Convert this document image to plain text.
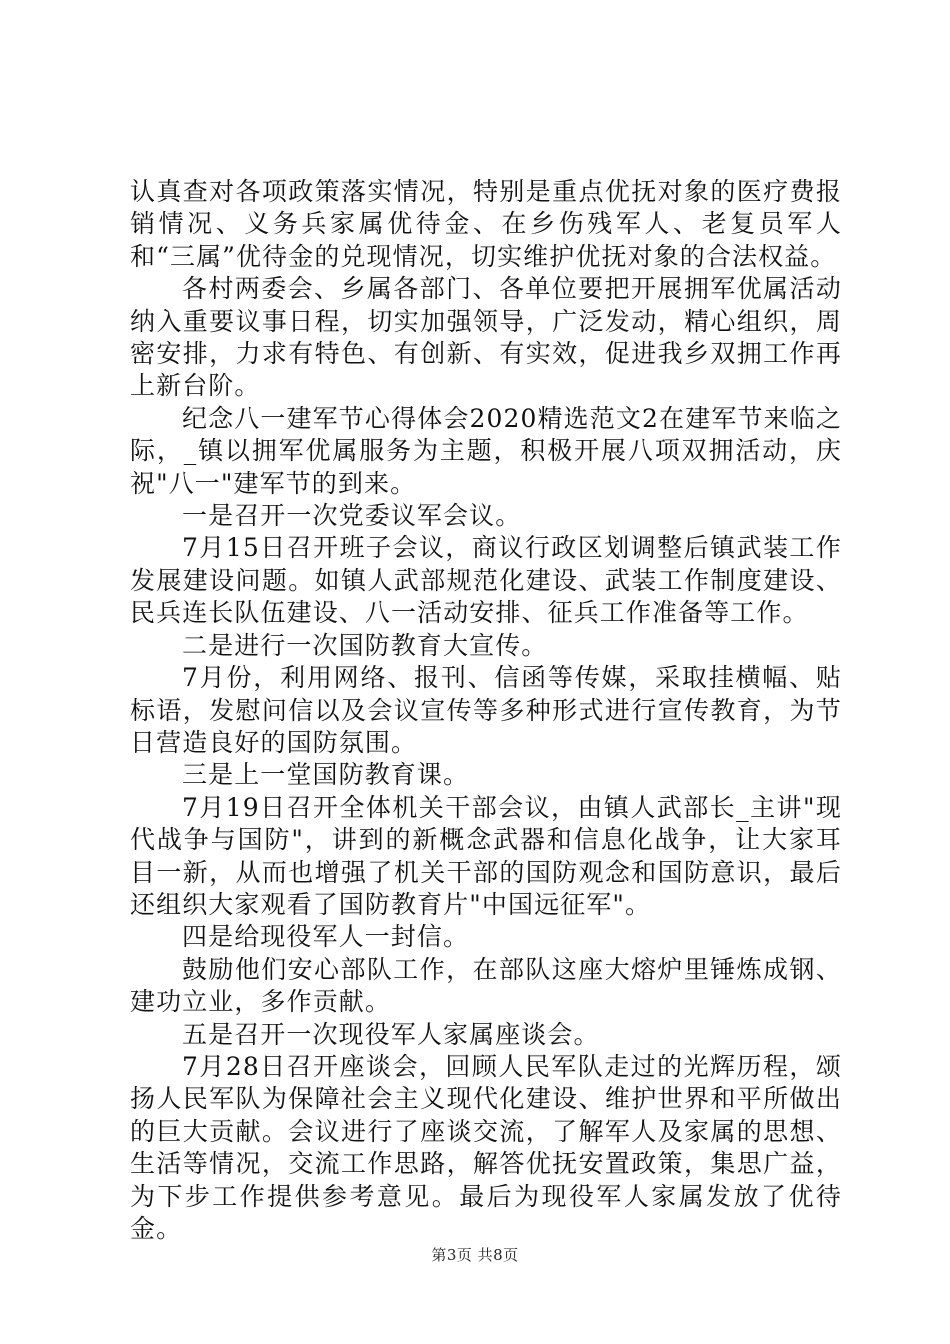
认真查对各项政策落实情况，特别是重点优抚对象的医疗费报销情况、义务兵家属优待金、在乡伤残军人、老复员军人和“三属”优待金的兑现情况，切实维护优抚对象的合法权益。

各村两委会、乡属各部门、各单位要把开展拥军优属活动纳入重要议事日程，切实加强领导，广泛发动，精心组织，周密安排，力求有特色、有创新、有实效，促进我乡双拥工作再上新台阶。

纪念八一建军节心得体会2020精选范文2在建军节来临之际，_镇以拥军优属服务为主题，积极开展八项双拥活动，庆祝"八一"建军节的到来。

一是召开一次党委议军会议。

7月15日召开班子会议，商议行政区划调整后镇武装工作发展建设问题。如镇人武部规范化建设、武装工作制度建设、民兵连长队伍建设、八一活动安排、征兵工作准备等工作。

二是进行一次国防教育大宣传。

7月份，利用网络、报刊、信函等传媒，采取挂横幅、贴标语，发慰问信以及会议宣传等多种形式进行宣传教育，为节日营造良好的国防氛围。

三是上一堂国防教育课。

7月19日召开全体机关干部会议，由镇人武部长_主讲"现代战争与国防"，讲到的新概念武器和信息化战争，让大家耳目一新，从而也增强了机关干部的国防观念和国防意识，最后还组织大家观看了国防教育片"中国远征军"。

四是给现役军人一封信。

鼓励他们安心部队工作，在部队这座大熔炉里锤炼成钢、建功立业，多作贡献。

五是召开一次现役军人家属座谈会。

7月28日召开座谈会，回顾人民军队走过的光辉历程，颂扬人民军队为保障社会主义现代化建设、维护世界和平所做出的巨大贡献。会议进行了座谈交流，了解军人及家属的思想、生活等情况，交流工作思路，解答优抚安置政策，集思广益，为下步工作提供参考意见。最后为现役军人家属发放了优待金。

第3页 共8页
